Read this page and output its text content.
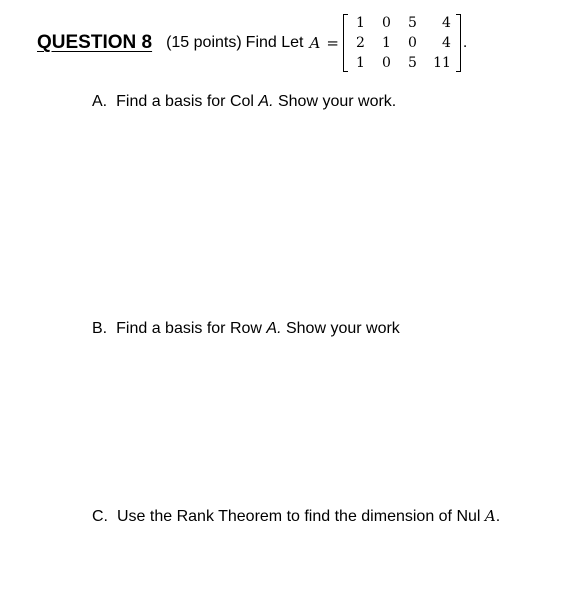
QUESTION 8 (15 points) Find Let A =
1	0	5	4
2	1	0	4
1	0	5	11
.
A. Find a basis for Col A. Show your work.
B. Find a basis for Row A. Show your work
C. Use the Rank Theorem to find the dimension of Nul A.
